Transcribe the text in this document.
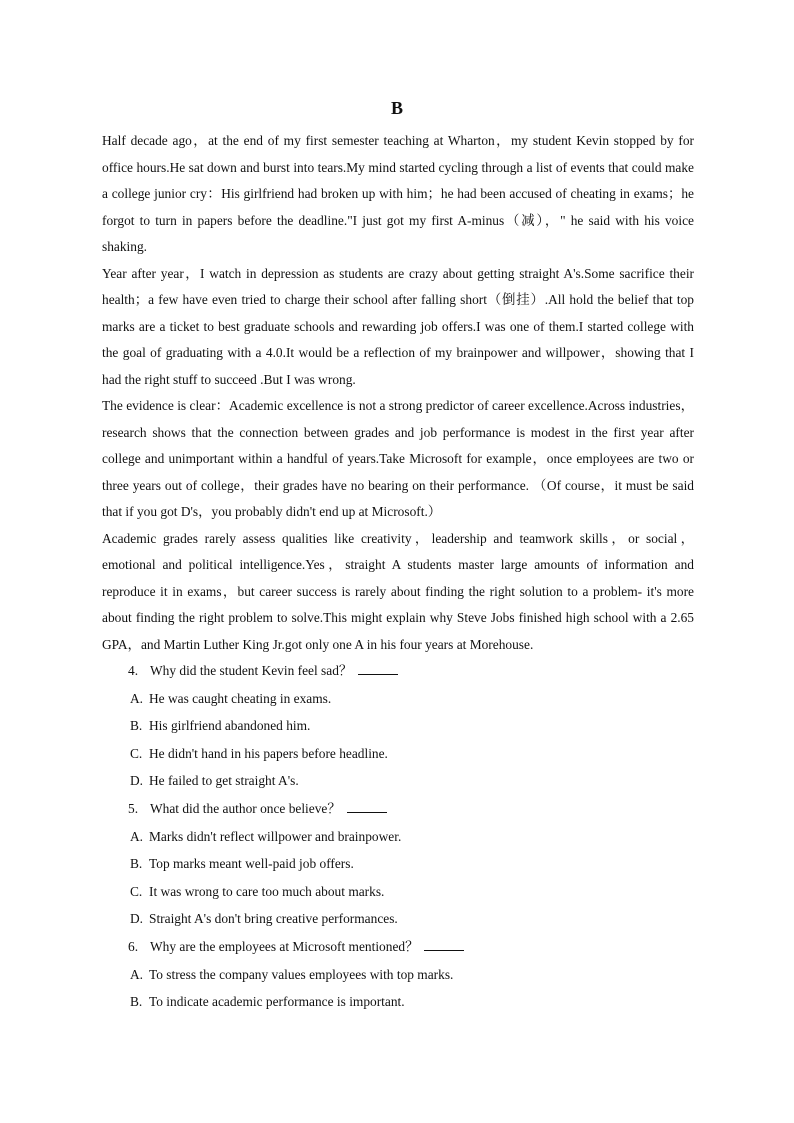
B

Half decade ago，at the end of my first semester teaching at Wharton，my student Kevin stopped by for office hours.He sat down and burst into tears.My mind started cycling through a list of events that could make a college junior cry：His girlfriend had broken up with him；he had been accused of cheating in exams；he forgot to turn in papers before the deadline."I just got my first A-minus（减），" he said with his voice shaking.

Year after year，I watch in depression as students are crazy about getting straight A's.Some sacrifice their health；a few have even tried to charge their school after falling short（倒挂）.All hold the belief that top marks are a ticket to best graduate schools and rewarding job offers.I was one of them.I started college with the goal of graduating with a 4.0.It would be a reflection of my brainpower and willpower，showing that I had the right stuff to succeed .But I was wrong.

The evidence is clear：Academic excellence is not a strong predictor of career excellence.Across industries，research shows that the connection between grades and job performance is modest in the first year after college and unimportant within a handful of years.Take Microsoft for example，once employees are two or three years out of college，their grades have no bearing on their performance. （Of course，it must be said that if you got D's，you probably didn't end up at Microsoft.）

Academic grades rarely assess qualities like creativity，leadership and teamwork skills，or social，emotional and political intelligence.Yes，straight A students master large amounts of information and reproduce it in exams，but career success is rarely about finding the right solution to a problem- it's more about finding the right problem to solve.This might explain why Steve Jobs finished high school with a 2.65 GPA，and Martin Luther King Jr.got only one A in his four years at Morehouse.

4. Why did the student Kevin feel sad？
A. He was caught cheating in exams.
B. His girlfriend abandoned him.
C. He didn't hand in his papers before headline.
D. He failed to get straight A's.
5. What did the author once believe？
A. Marks didn't reflect willpower and brainpower.
B. Top marks meant well-paid job offers.
C. It was wrong to care too much about marks.
D. Straight A's don't bring creative performances.
6. Why are the employees at Microsoft mentioned？
A. To stress the company values employees with top marks.
B. To indicate academic performance is important.
